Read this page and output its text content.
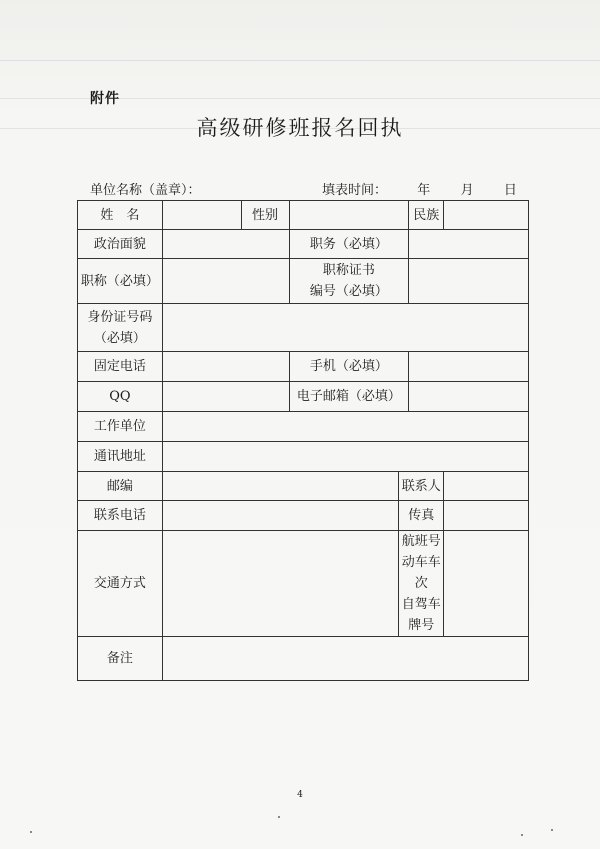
附件
高级研修班报名回执
单位名称（盖章）：	填表时间： 年 月 日
姓　名		性别			民族	
政治面貌			职务（必填）			
职称（必填）			职称证书
编号（必填）			

身份证号码
（必填）						

固定电话			手机（必填）			
QQ			电子邮箱（必填）			
工作单位						
通讯地址						
邮编				联系人		
联系电话				传真		
交通方式				航班号
动车车次
自驾车牌号		

备注						
4
